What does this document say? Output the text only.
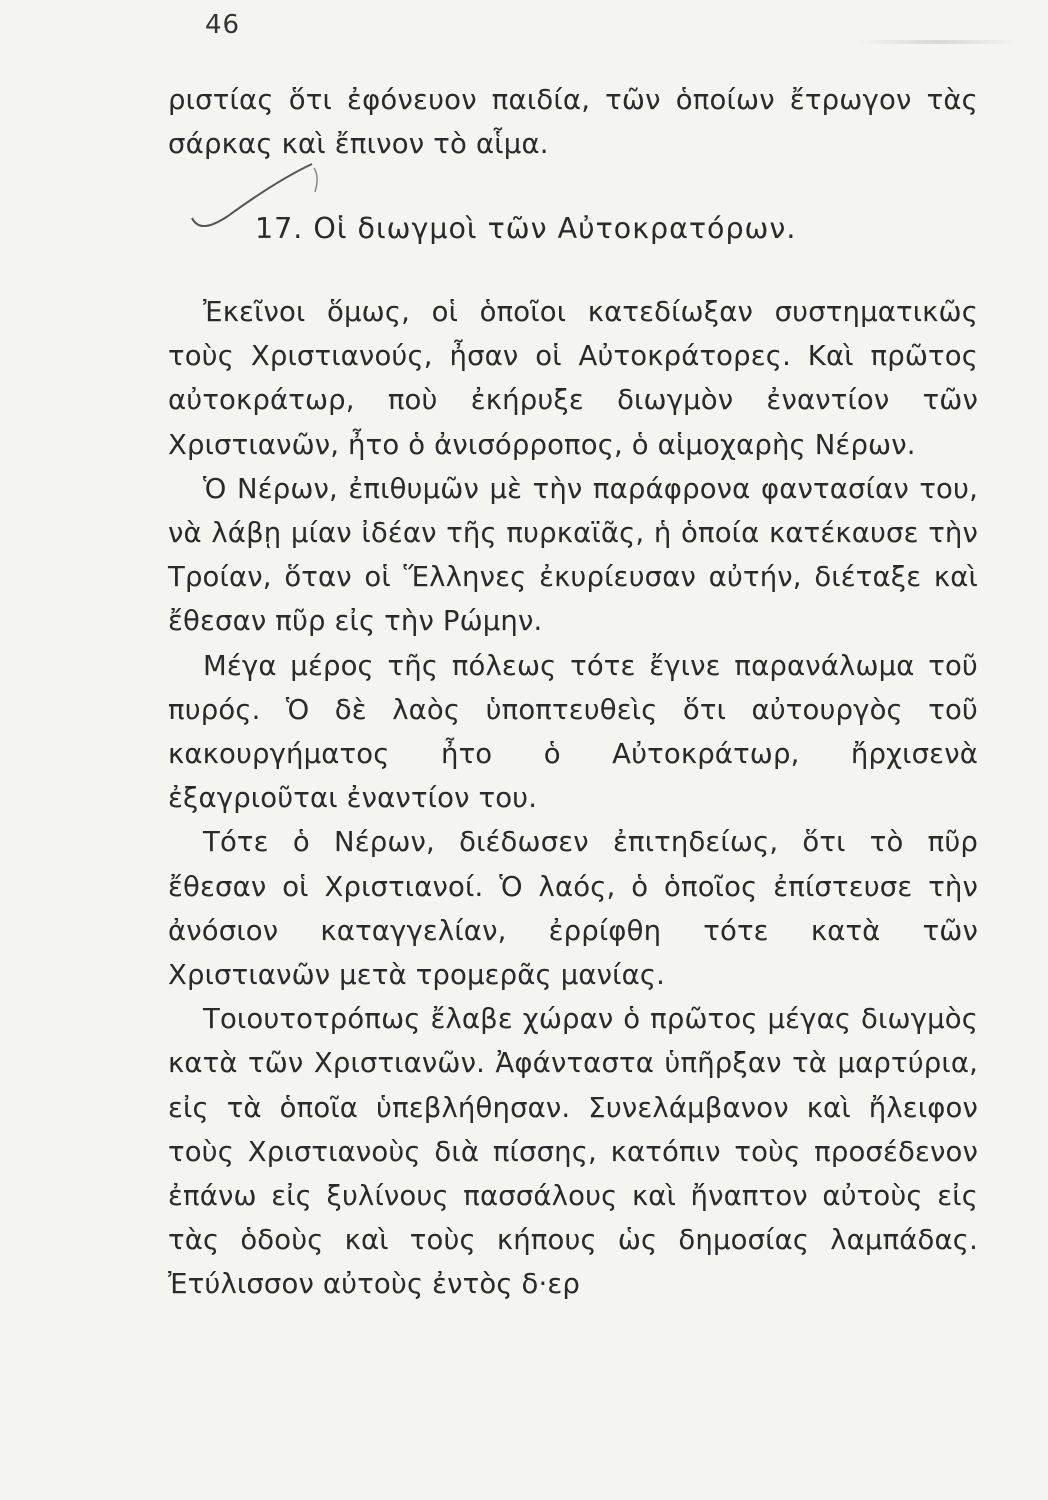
46

ριστίας ὅτι ἐφόνευον παιδία, τῶν ὁποίων ἔτρωγον τὰς σάρκας καὶ ἔπινον τὸ αἷμα.

17. Οἱ διωγμοὶ τῶν Αὐτοκρατόρων.

Ἐκεῖνοι ὅμως, οἱ ὁποῖοι κατεδίωξαν συστηματικῶς τοὺς Χριστιανούς, ἦσαν οἱ Αὐτοκράτορες. Καὶ πρῶτος αὐτοκράτωρ, ποὺ ἐκήρυξε διωγμὸν ἐναντίον τῶν Χριστιανῶν, ἦτο ὁ ἀνισόρροπος, ὁ αἱμοχαρὴς Νέρων.

Ὁ Νέρων, ἐπιθυμῶν μὲ τὴν παράφρονα φαντασίαν του, νὰ λάβῃ μίαν ἰδέαν τῆς πυρκαϊᾶς, ἡ ὁποία κατέκαυσε τὴν Τροίαν, ὅταν οἱ Ἕλληνες ἐκυρίευσαν αὐτήν, διέταξε καὶ ἔθεσαν πῦρ εἰς τὴν Ρώμην.

Μέγα μέρος τῆς πόλεως τότε ἔγινε παρανάλωμα τοῦ πυρός. Ὁ δὲ λαὸς ὑποπτευθεὶς ὅτι αὐτουργὸς τοῦ κακουργήματος ἦτο ὁ Αὐτοκράτωρ, ἤρχισενὰ ἐξαγριοῦται ἐναντίον του.

Τότε ὁ Νέρων, διέδωσεν ἐπιτηδείως, ὅτι τὸ πῦρ ἔθεσαν οἱ Χριστιανοί. Ὁ λαός, ὁ ὁποῖος ἐπίστευσε τὴν ἀνόσιον καταγγελίαν, ἐρρίφθη τότε κατὰ τῶν Χριστιανῶν μετὰ τρομερᾶς μανίας.

Τοιουτοτρόπως ἔλαβε χώραν ὁ πρῶτος μέγας διωγμὸς κατὰ τῶν Χριστιανῶν. Ἀφάνταστα ὑπῆρξαν τὰ μαρτύρια, εἰς τὰ ὁποῖα ὑπεβλήθησαν. Συνελάμβανον καὶ ἤλειφον τοὺς Χριστιανοὺς διὰ πίσσης, κατόπιν τοὺς προσέδενον ἐπάνω εἰς ξυλίνους πασσάλους καὶ ἤναπτον αὐτοὺς εἰς τὰς ὁδοὺς καὶ τοὺς κήπους ὡς δημοσίας λαμπάδας. Ἐτύλισσον αὐτοὺς ἐντὸς δ·ερ
